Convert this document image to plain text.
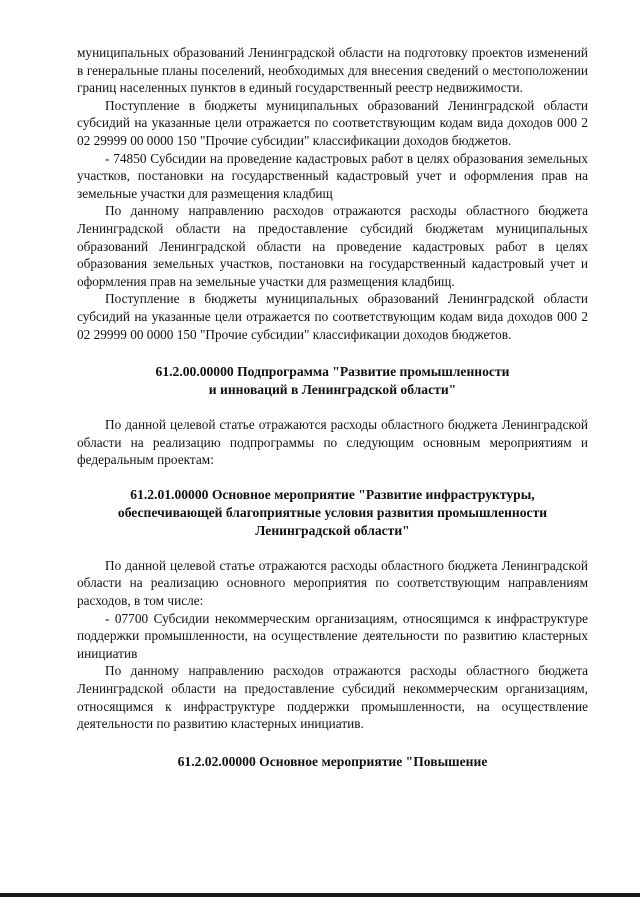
муниципальных образований Ленинградской области на подготовку проектов изменений в генеральные планы поселений, необходимых для внесения сведений о местоположении границ населенных пунктов в единый государственный реестр недвижимости.

Поступление в бюджеты муниципальных образований Ленинградской области субсидий на указанные цели отражается по соответствующим кодам вида доходов 000 2 02 29999 00 0000 150 "Прочие субсидии" классификации доходов бюджетов.

- 74850 Субсидии на проведение кадастровых работ в целях образования земельных участков, постановки на государственный кадастровый учет и оформления прав на земельные участки для размещения кладбищ

По данному направлению расходов отражаются расходы областного бюджета Ленинградской области на предоставление субсидий бюджетам муниципальных образований Ленинградской области на проведение кадастровых работ в целях образования земельных участков, постановки на государственный кадастровый учет и оформления прав на земельные участки для размещения кладбищ.

Поступление в бюджеты муниципальных образований Ленинградской области субсидий на указанные цели отражается по соответствующим кодам вида доходов 000 2 02 29999 00 0000 150 "Прочие субсидии" классификации доходов бюджетов.

61.2.00.00000 Подпрограмма "Развитие промышленности
и инноваций в Ленинградской области"

По данной целевой статье отражаются расходы областного бюджета Ленинградской области на реализацию подпрограммы по следующим основным мероприятиям и федеральным проектам:

61.2.01.00000 Основное мероприятие "Развитие инфраструктуры,
обеспечивающей благоприятные условия развития промышленности
Ленинградской области"

По данной целевой статье отражаются расходы областного бюджета Ленинградской области на реализацию основного мероприятия по соответствующим направлениям расходов, в том числе:

- 07700 Субсидии некоммерческим организациям, относящимся к инфраструктуре поддержки промышленности, на осуществление деятельности по развитию кластерных инициатив

По данному направлению расходов отражаются расходы областного бюджета Ленинградской области на предоставление субсидий некоммерческим организациям, относящимся к инфраструктуре поддержки промышленности, на осуществление деятельности по развитию кластерных инициатив.

61.2.02.00000 Основное мероприятие "Повышение
